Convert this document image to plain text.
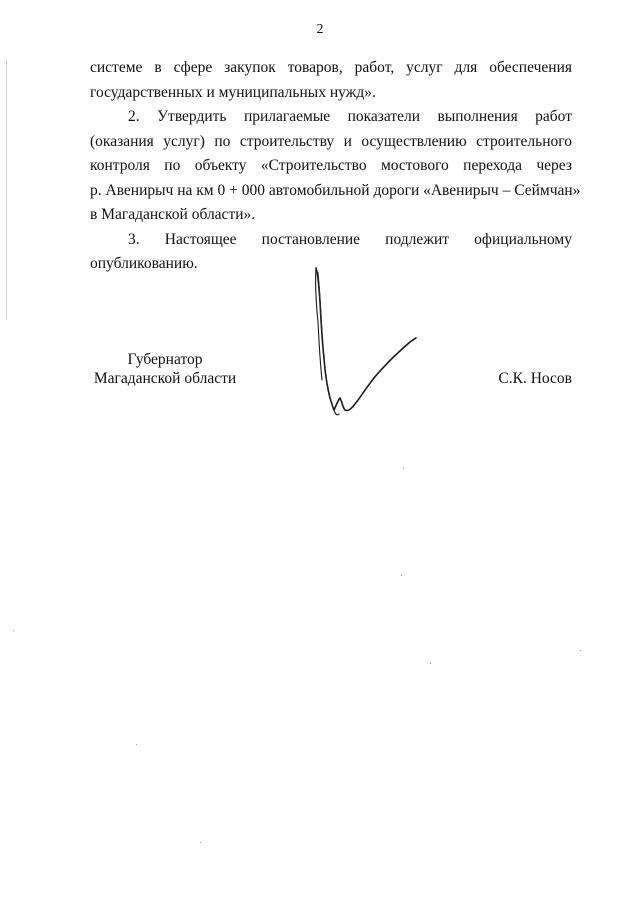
2
системе в сфере закупок товаров, работ, услуг для обеспечения
государственных и муниципальных нужд».
2. Утвердить прилагаемые показатели выполнения работ
(оказания услуг) по строительству и осуществлению строительного
контроля по объекту «Строительство мостового перехода через
р. Авенирыч на км 0 + 000 автомобильной дороги «Авенирыч – Сеймчан»
в Магаданской области».
3. Настоящее постановление подлежит официальному
опубликованию.
Губернатор
Магаданской области	С.К. Носов
